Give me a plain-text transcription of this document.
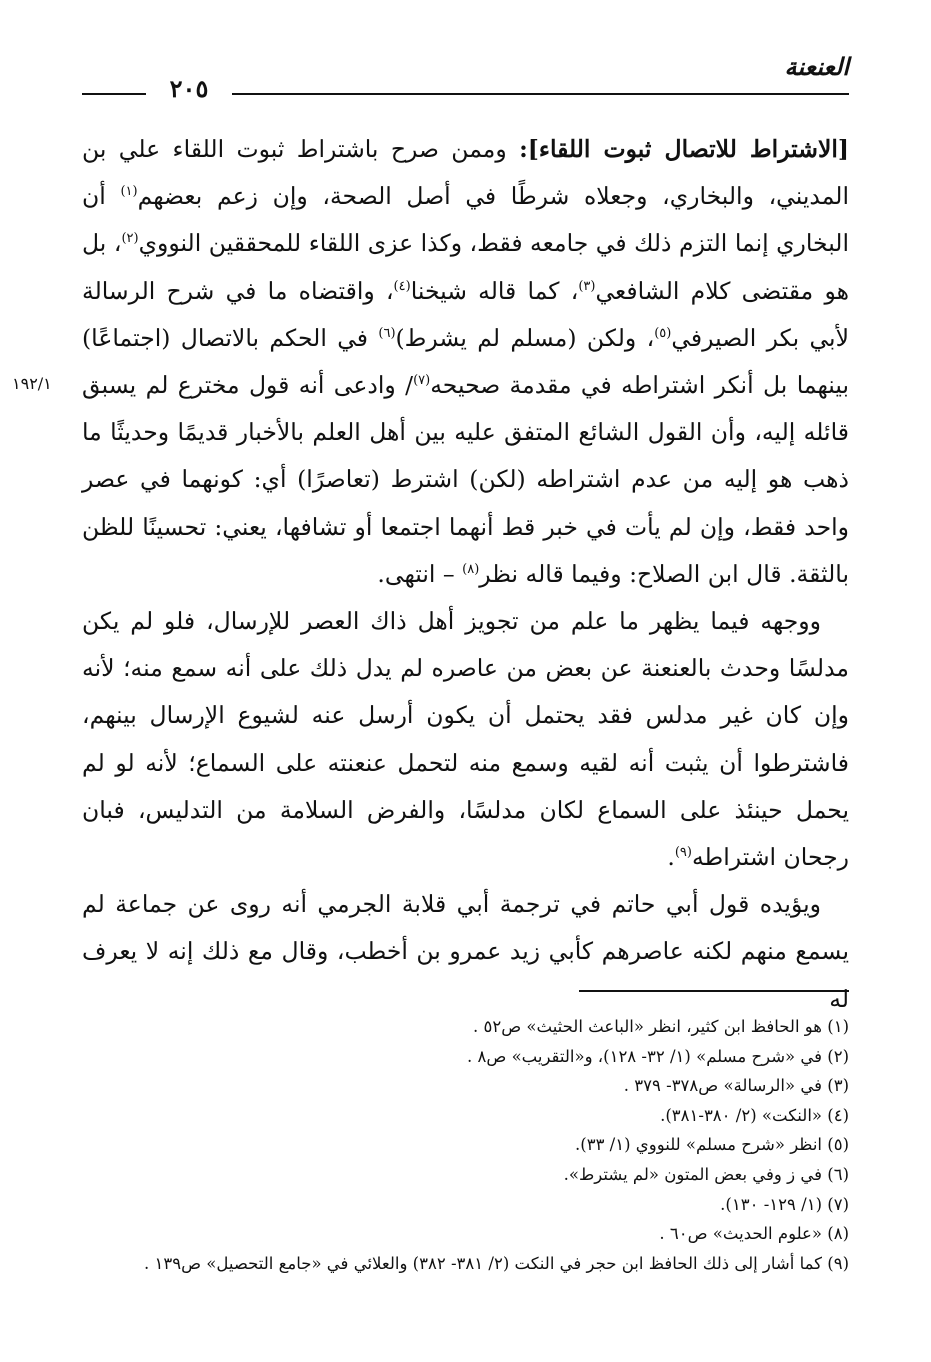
العنعنة
٢٠٥
١٩٢/١

[الاشتراط للاتصال ثبوت اللقاء]: وممن صرح باشتراط ثبوت اللقاء علي بن المديني، والبخاري، وجعلاه شرطًا في أصل الصحة، وإن زعم بعضهم$^{(١)}$ أن البخاري إنما التزم ذلك في جامعه فقط، وكذا عزى اللقاء للمحققين النووي$^{(٢)}$، بل هو مقتضى كلام الشافعي$^{(٣)}$، كما قاله شيخنا$^{(٤)}$، واقتضاه ما في شرح الرسالة لأبي بكر الصيرفي$^{(٥)}$، ولكن (مسلم لم يشرط)$^{(٦)}$ في الحكم بالاتصال (اجتماعًا) بينهما بل أنكر اشتراطه في مقدمة صحيحه$^{(٧)}$/ وادعى أنه قول مخترع لم يسبق قائله إليه، وأن القول الشائع المتفق عليه بين أهل العلم بالأخبار قديمًا وحديثًا ما ذهب هو إليه من عدم اشتراطه (لكن) اشترط (تعاصرًا) أي: كونهما في عصر واحد فقط، وإن لم يأت في خبر قط أنهما اجتمعا أو تشافها، يعني: تحسينًا للظن بالثقة. قال ابن الصلاح: وفيما قاله نظر$^{(٨)}$ – انتهى.

ووجهه فيما يظهر ما علم من تجويز أهل ذاك العصر للإرسال، فلو لم يكن مدلسًا وحدث بالعنعنة عن بعض من عاصره لم يدل ذلك على أنه سمع منه؛ لأنه وإن كان غير مدلس فقد يحتمل أن يكون أرسل عنه لشيوع الإرسال بينهم، فاشترطوا أن يثبت أنه لقيه وسمع منه لتحمل عنعنته على السماع؛ لأنه لو لم يحمل حينئذ على السماع لكان مدلسًا، والفرض السلامة من التدليس، فبان رجحان اشتراطه$^{(٩)}$.

ويؤيده قول أبي حاتم في ترجمة أبي قلابة الجرمي أنه روى عن جماعة لم يسمع منهم لكنه عاصرهم كأبي زيد عمرو بن أخطب، وقال مع ذلك إنه لا يعرف له

(١) هو الحافظ ابن كثير، انظر «الباعث الحثيث» ص٥٢ .

(٢) في «شرح مسلم» (١/ ٣٢- ١٢٨)، و«التقريب» ص٨ .

(٣) في «الرسالة» ص٣٧٨- ٣٧٩ .

(٤) «النكت» (٢/ ٣٨٠-٣٨١).

(٥) انظر «شرح مسلم» للنووي (١/ ٣٣).

(٦) في ز وفي بعض المتون «لم يشترط».

(٧) (١/ ١٢٩- ١٣٠).

(٨) «علوم الحديث» ص٦٠ .

(٩) كما أشار إلى ذلك الحافظ ابن حجر في النكت (٢/ ٣٨١- ٣٨٢) والعلائي في «جامع التحصيل» ص١٣٩ .
